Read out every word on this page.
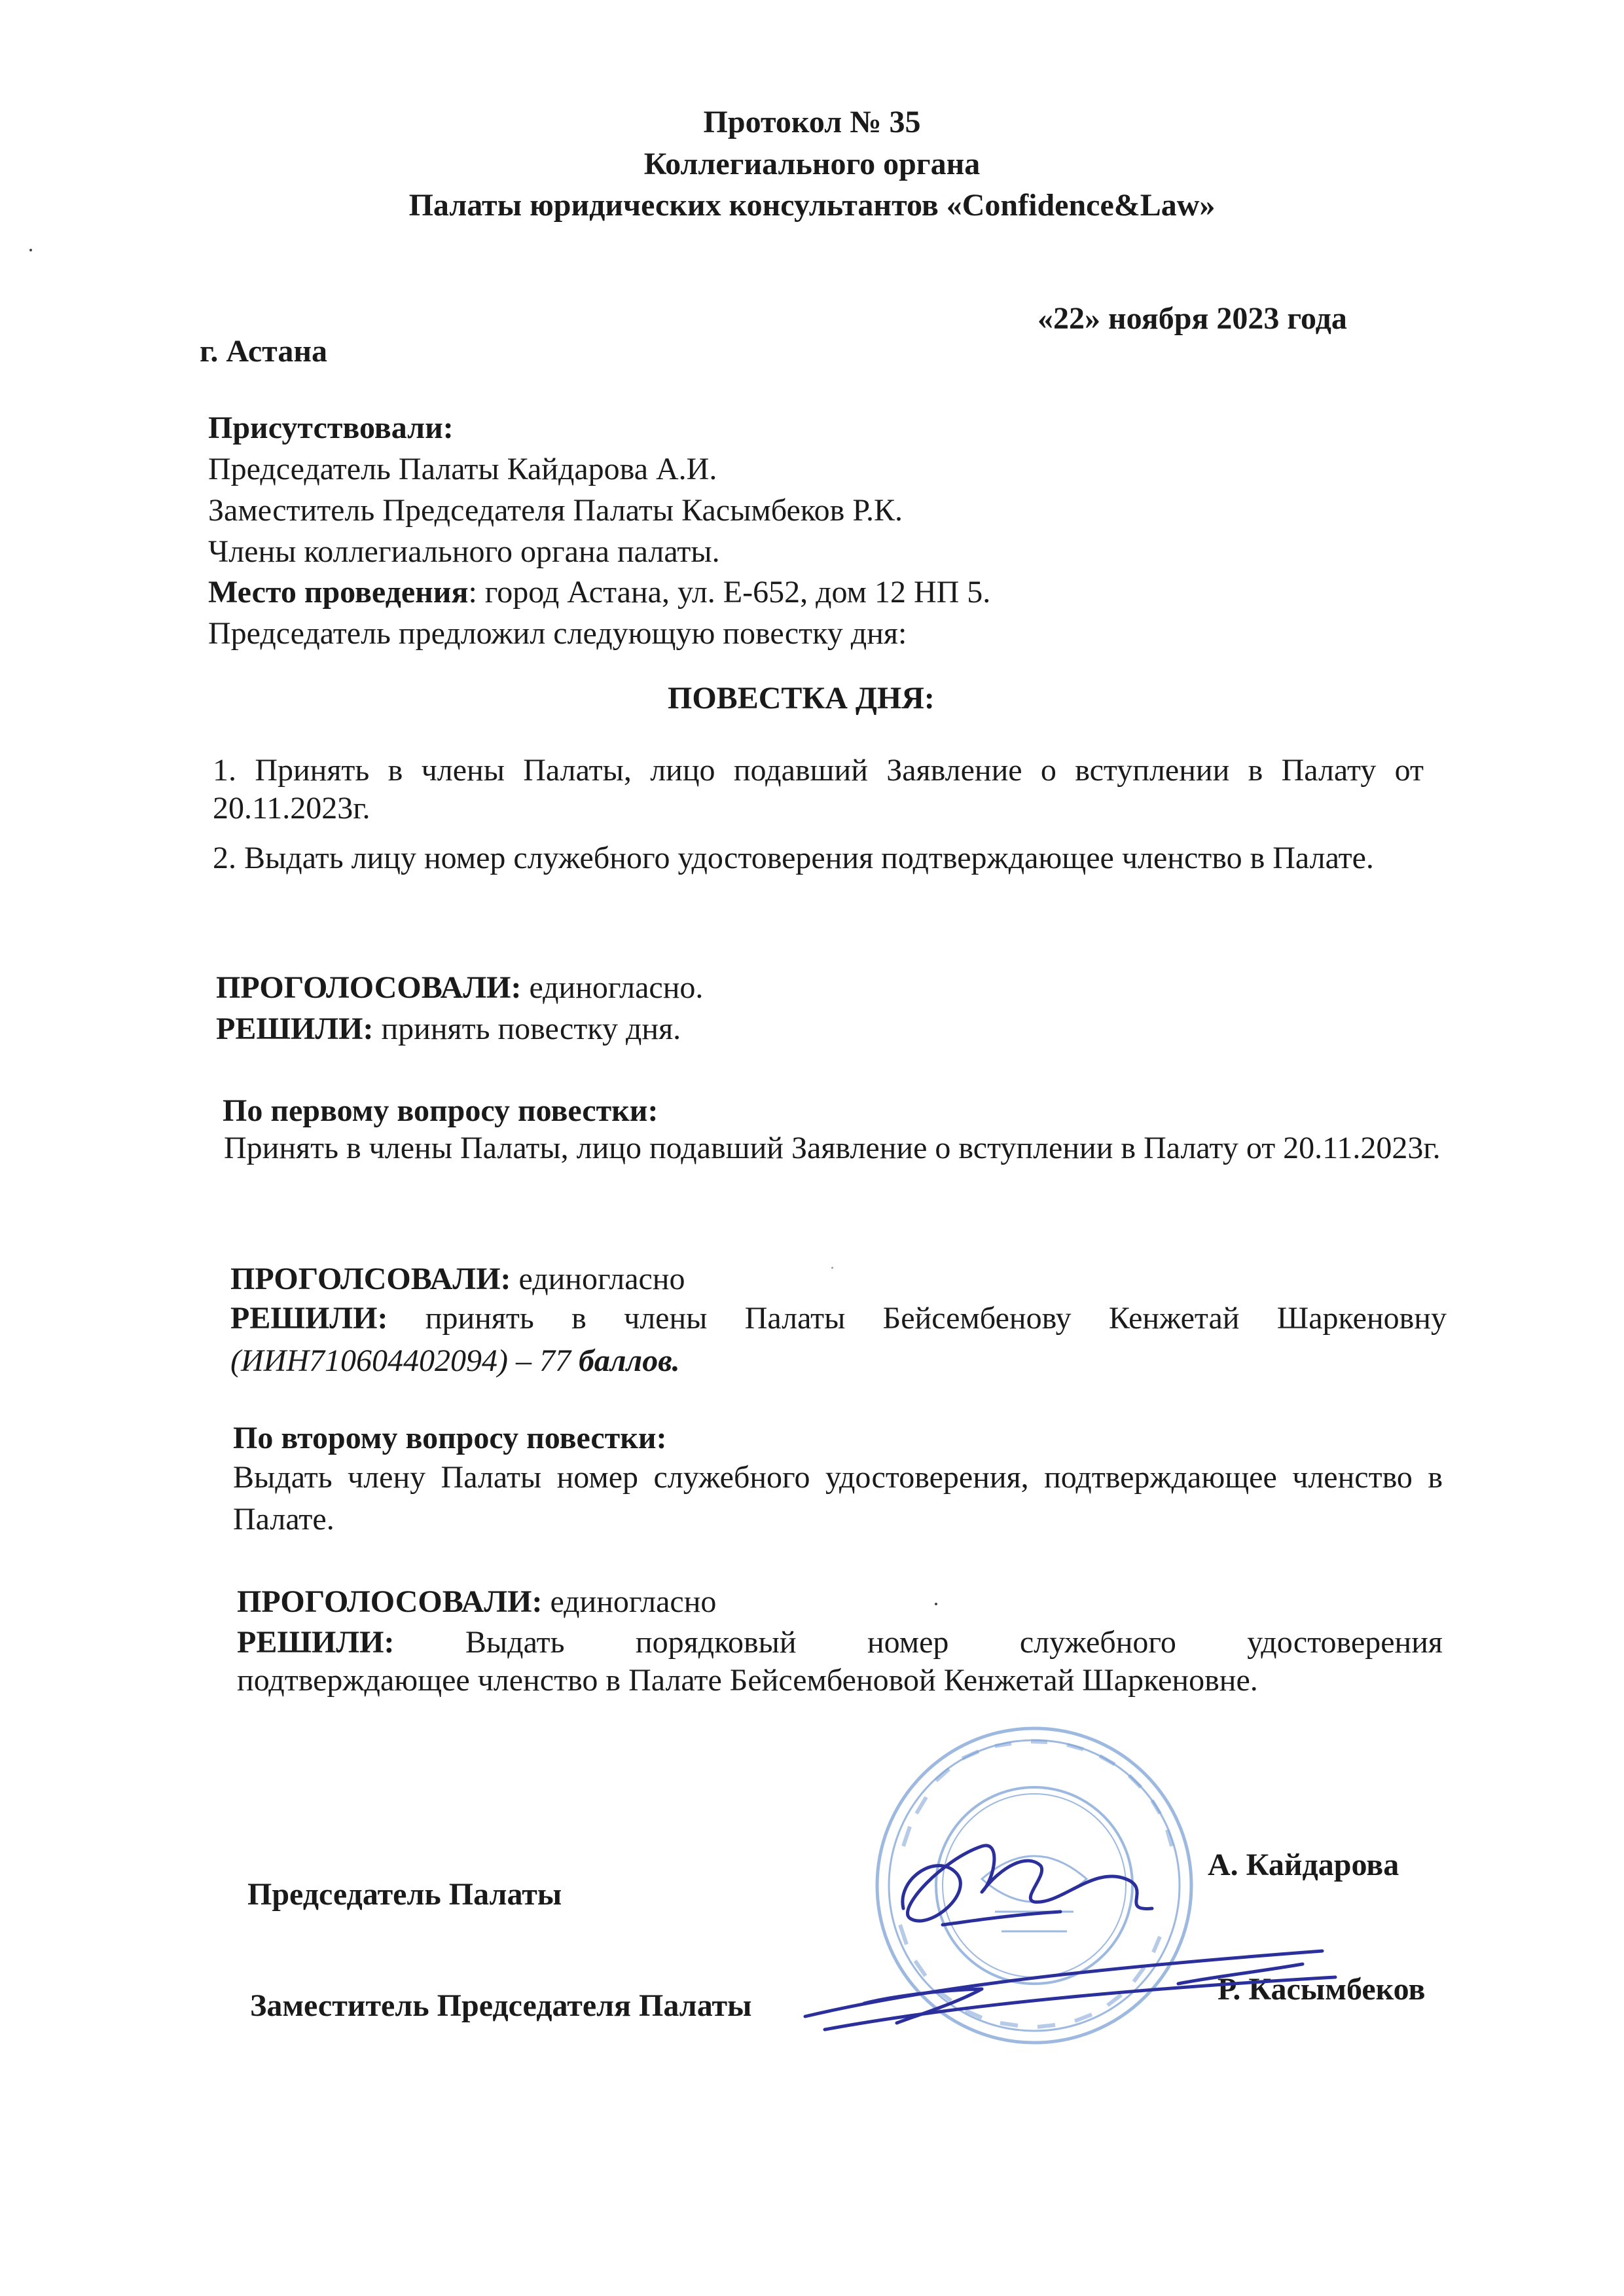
Протокол № 35
Коллегиального органа
Палаты юридических консультантов «Confidence&Law»
«22» ноября 2023 года
г. Астана
Присутствовали:
Председатель Палаты Кайдарова А.И.
Заместитель Председателя Палаты Касымбеков Р.К.
Члены коллегиального органа палаты.
Место проведения: город Астана, ул. Е-652, дом 12 НП 5.
Председатель предложил следующую повестку дня:
ПОВЕСТКА ДНЯ:
1. Принять в члены Палаты, лицо подавший Заявление о вступлении в Палату от 20.11.2023г.
2. Выдать лицу номер служебного удостоверения подтверждающее членство в Палате.
ПРОГОЛОСОВАЛИ: единогласно.
РЕШИЛИ: принять повестку дня.
По первому вопросу повестки:
Принять в члены Палаты, лицо подавший Заявление о вступлении в Палату от 20.11.2023г.
ПРОГОЛСОВАЛИ: единогласно
РЕШИЛИ: принять в члены Палаты Бейсембенову Кенжетай Шаркеновну
(ИИН710604402094) – 77 баллов.
По второму вопросу повестки:
Выдать члену Палаты номер служебного удостоверения, подтверждающее членство в Палате.
ПРОГОЛОСОВАЛИ: единогласно
РЕШИЛИ: Выдать порядковый номер служебного удостоверения
подтверждающее членство в Палате Бейсембеновой Кенжетай Шаркеновне.
Председатель Палаты
А. Кайдарова
Заместитель Председателя Палаты	Р. Касымбеков
